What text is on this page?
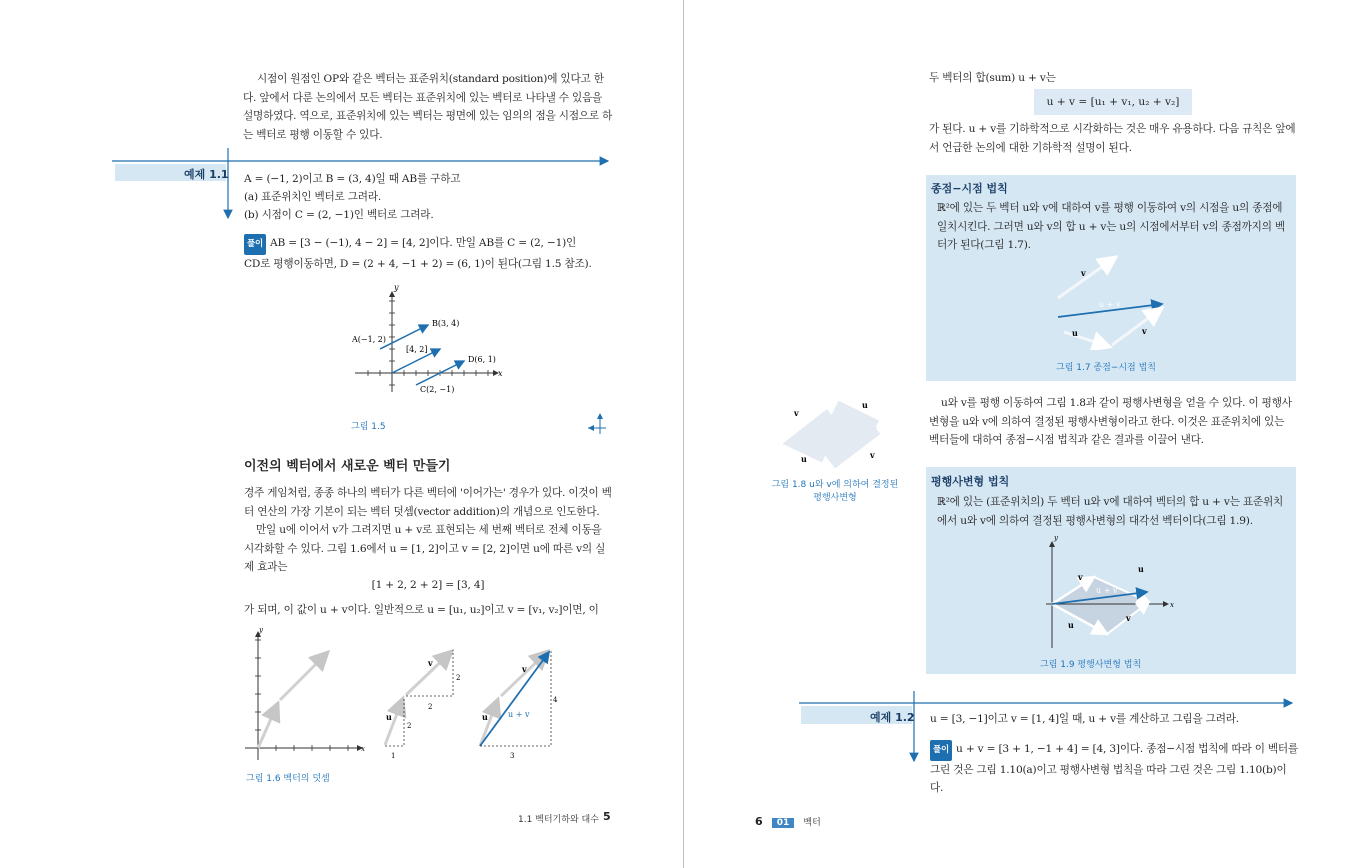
시점이 원점인 OP와 같은 벡터는 표준위치(standard position)에 있다고 한다. 앞에서 다룬 논의에서 모든 벡터는 표준위치에 있는 벡터로 나타낼 수 있음을 설명하였다. 역으로, 표준위치에 있는 벡터는 평면에 있는 임의의 점을 시점으로 하는 벡터로 평행 이동할 수 있다.
예제 1.1 A = (−1, 2)이고 B = (3, 4)일 때 AB를 구하고
(a) 표준위치인 벡터로 그려라.
(b) 시점이 C = (2, −1)인 벡터로 그려라.
풀이 AB = [3 − (−1), 4 − 2] = [4, 2]이다. 만일 AB를 C = (2, −1)인
CD로 평행이동하면, D = (2 + 4, −1 + 2) = (6, 1)이 된다(그림 1.5 참조).
y
x
A(−1, 2)
B(3, 4)
[4, 2]
D(6, 1)
C(2, −1)
그림 1.5
이전의 벡터에서 새로운 벡터 만들기
경주 게임처럼, 종종 하나의 벡터가 다른 벡터에 '이어가는' 경우가 있다. 이것이 벡터 연산의 가장 기본이 되는 벡터 덧셈(vector addition)의 개념으로 인도한다.
만일 u에 이어서 v가 그려지면 u + v로 표현되는 세 번째 벡터로 전체 이동을 시각화할 수 있다. 그림 1.6에서 u = [1, 2]이고 v = [2, 2]이면 u에 따른 v의 실제 효과는
[1 + 2, 2 + 2] = [3, 4]
가 되며, 이 값이 u + v이다. 일반적으로 u = [u₁, u₂]이고 v = [v₁, v₂]이면, 이
y
x
u
v
1
2
2
2
u
v
u + v
3
4
그림 1.6 벡터의 덧셈
1.1 벡터기하와 대수 5
두 벡터의 합(sum) u + v는
u + v = [u₁ + v₁, u₂ + v₂]
가 된다. u + v를 기하학적으로 시각화하는 것은 매우 유용하다. 다음 규칙은 앞에서 언급한 논의에 대한 기하학적 설명이 된다.
종점−시점 법칙
ℝ²에 있는 두 벡터 u와 v에 대하여 v를 평행 이동하여 v의 시점을 u의 종점에 일치시킨다. 그러면 u와 v의 합 u + v는 u의 시점에서부터 v의 종점까지의 벡터가 된다(그림 1.7).
v
u + v
u	v
그림 1.7 종점−시점 법칙
v
u
u	v
그림 1.8 u와 v에 의하여 결정된
평행사변형
u와 v를 평행 이동하여 그림 1.8과 같이 평행사변형을 얻을 수 있다. 이 평행사변형을 u와 v에 의하여 결정된 평행사변형이라고 한다. 이것은 표준위치에 있는 벡터들에 대하여 종점−시점 법칙과 같은 결과를 이끌어 낸다.
평행사변형 법칙
ℝ²에 있는 (표준위치의) 두 벡터 u와 v에 대하여 벡터의 합 u + v는 표준위치에서 u와 v에 의하여 결정된 평행사변형의 대각선 벡터이다(그림 1.9).
y
x
v
u
u + v
u
v
그림 1.9 평행사변형 법칙
예제 1.2 u = [3, −1]이고 v = [1, 4]일 때, u + v를 계산하고 그림을 그려라.
풀이 u + v = [3 + 1, −1 + 4] = [4, 3]이다. 종점−시점 법칙에 따라 이 벡터를 그린 것은 그림 1.10(a)이고 평행사변형 법칙을 따라 그린 것은 그림 1.10(b)이다.
6 01 벡터
